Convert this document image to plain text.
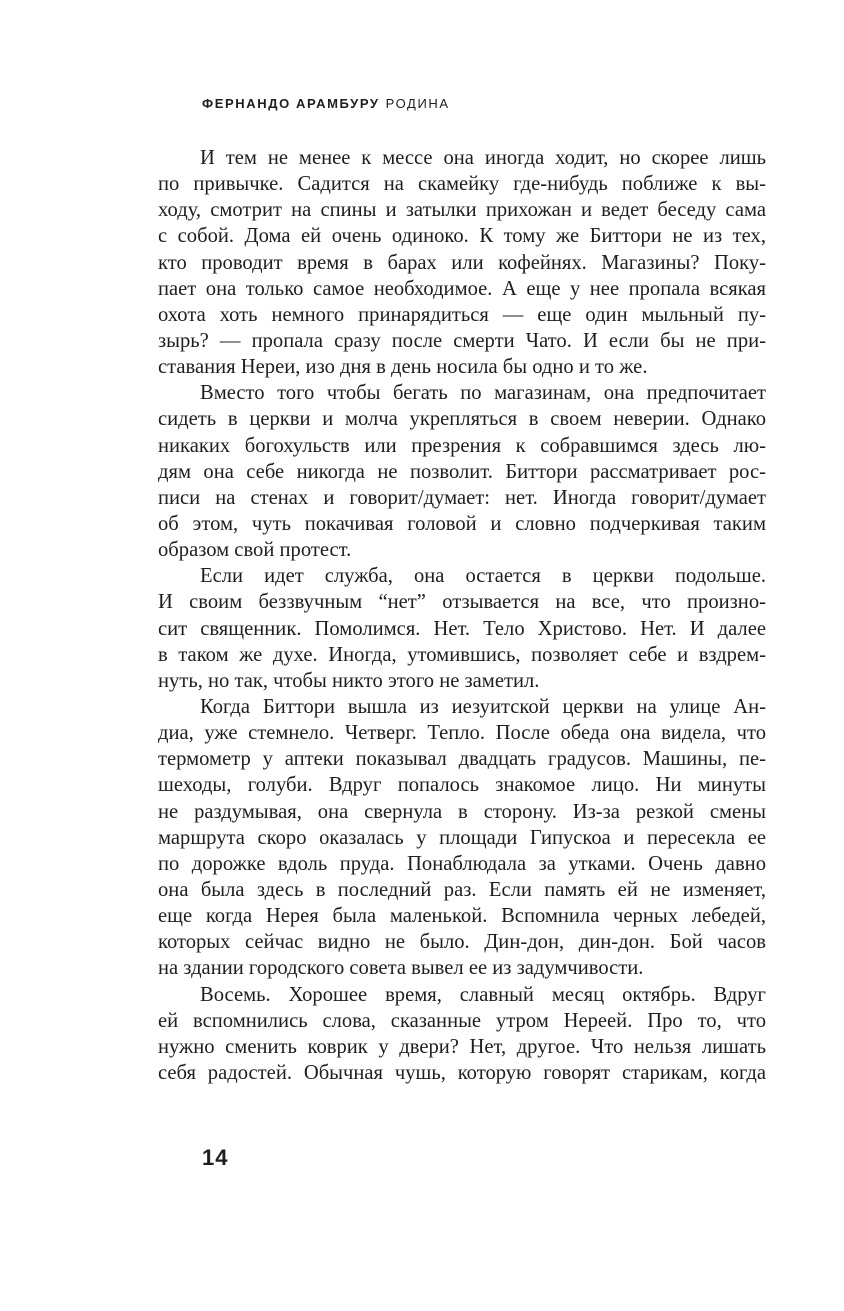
ФЕРНАНДО АРАМБУРУ РОДИНА
И тем не менее к мессе она иногда ходит, но скорее лишь
по привычке. Садится на скамейку где-нибудь поближе к вы-
ходу, смотрит на спины и затылки прихожан и ведет беседу сама
с собой. Дома ей очень одиноко. К тому же Биттори не из тех,
кто проводит время в барах или кофейнях. Магазины? Поку-
пает она только самое необходимое. А еще у нее пропала всякая
охота хоть немного принарядиться — еще один мыльный пу-
зырь? — пропала сразу после смерти Чато. И если бы не при-
ставания Нереи, изо дня в день носила бы одно и то же.
Вместо того чтобы бегать по магазинам, она предпочитает
сидеть в церкви и молча укрепляться в своем неверии. Однако
никаких богохульств или презрения к собравшимся здесь лю-
дям она себе никогда не позволит. Биттори рассматривает рос-
писи на стенах и говорит/думает: нет. Иногда говорит/думает
об этом, чуть покачивая головой и словно подчеркивая таким
образом свой протест.
Если идет служба, она остается в церкви подольше.
И своим беззвучным “нет” отзывается на все, что произно-
сит священник. Помолимся. Нет. Тело Христово. Нет. И далее
в таком же духе. Иногда, утомившись, позволяет себе и вздрем-
нуть, но так, чтобы никто этого не заметил.
Когда Биттори вышла из иезуитской церкви на улице Ан-
диа, уже стемнело. Четверг. Тепло. После обеда она видела, что
термометр у аптеки показывал двадцать градусов. Машины, пе-
шеходы, голуби. Вдруг попалось знакомое лицо. Ни минуты
не раздумывая, она свернула в сторону. Из-за резкой смены
маршрута скоро оказалась у площади Гипускоа и пересекла ее
по дорожке вдоль пруда. Понаблюдала за утками. Очень давно
она была здесь в последний раз. Если память ей не изменяет,
еще когда Нерея была маленькой. Вспомнила черных лебедей,
которых сейчас видно не было. Дин-дон, дин-дон. Бой часов
на здании городского совета вывел ее из задумчивости.
Восемь. Хорошее время, славный месяц октябрь. Вдруг
ей вспомнились слова, сказанные утром Нереей. Про то, что
нужно сменить коврик у двери? Нет, другое. Что нельзя лишать
себя радостей. Обычная чушь, которую говорят старикам, когда
14
